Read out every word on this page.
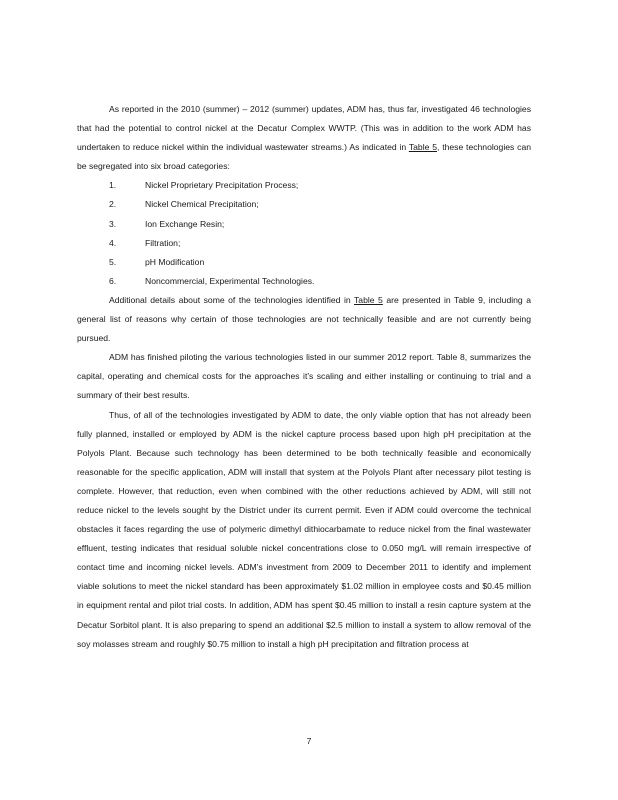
As reported in the 2010 (summer) – 2012 (summer) updates, ADM has, thus far, investigated 46 technologies that had the potential to control nickel at the Decatur Complex WWTP. (This was in addition to the work ADM has undertaken to reduce nickel within the individual wastewater streams.) As indicated in Table 5, these technologies can be segregated into six broad categories:

1.	Nickel Proprietary Precipitation Process;
2.	Nickel Chemical Precipitation;
3.	Ion Exchange Resin;
4.	Filtration;
5.	pH Modification
6.	Noncommercial, Experimental Technologies.

Additional details about some of the technologies identified in Table 5 are presented in Table 9, including a general list of reasons why certain of those technologies are not technically feasible and are not currently being pursued.

ADM has finished piloting the various technologies listed in our summer 2012 report. Table 8, summarizes the capital, operating and chemical costs for the approaches it's scaling and either installing or continuing to trial and a summary of their best results.

Thus, of all of the technologies investigated by ADM to date, the only viable option that has not already been fully planned, installed or employed by ADM is the nickel capture process based upon high pH precipitation at the Polyols Plant. Because such technology has been determined to be both technically feasible and economically reasonable for the specific application, ADM will install that system at the Polyols Plant after necessary pilot testing is complete. However, that reduction, even when combined with the other reductions achieved by ADM, will still not reduce nickel to the levels sought by the District under its current permit. Even if ADM could overcome the technical obstacles it faces regarding the use of polymeric dimethyl dithiocarbamate to reduce nickel from the final wastewater effluent, testing indicates that residual soluble nickel concentrations close to 0.050 mg/L will remain irrespective of contact time and incoming nickel levels. ADM's investment from 2009 to December 2011 to identify and implement viable solutions to meet the nickel standard has been approximately $1.02 million in employee costs and $0.45 million in equipment rental and pilot trial costs. In addition, ADM has spent $0.45 million to install a resin capture system at the Decatur Sorbitol plant. It is also preparing to spend an additional $2.5 million to install a system to allow removal of the soy molasses stream and roughly $0.75 million to install a high pH precipitation and filtration process at

7
